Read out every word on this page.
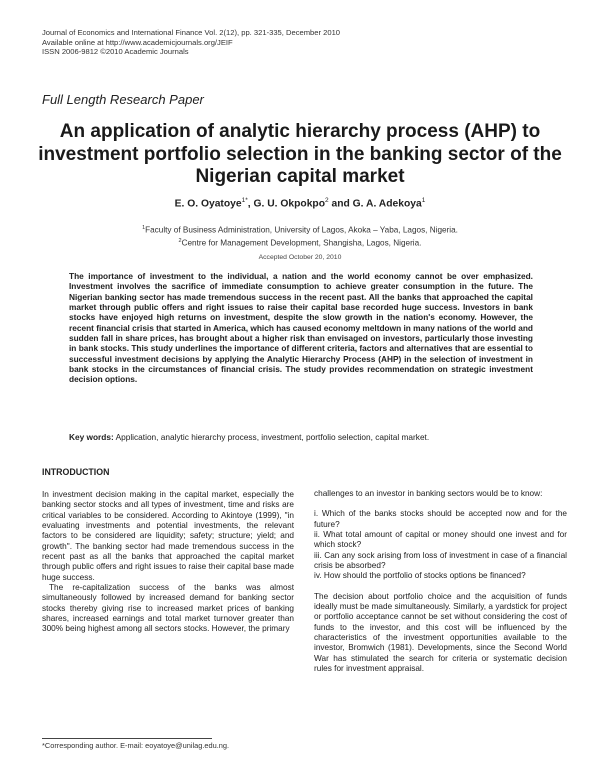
Journal of Economics and International Finance Vol. 2(12), pp. 321-335, December 2010
Available online at http://www.academicjournals.org/JEIF
ISSN 2006-9812 ©2010 Academic Journals
Full Length Research Paper
An application of analytic hierarchy process (AHP) to investment portfolio selection in the banking sector of the Nigerian capital market
E. O. Oyatoye$^{1*}$, G. U. Okpokpo$^2$ and G. A. Adekoya$^1$
$^1$Faculty of Business Administration, University of Lagos, Akoka – Yaba, Lagos, Nigeria.
$^2$Centre for Management Development, Shangisha, Lagos, Nigeria.
Accepted October 20, 2010
The importance of investment to the individual, a nation and the world economy cannot be over emphasized. Investment involves the sacrifice of immediate consumption to achieve greater consumption in the future. The Nigerian banking sector has made tremendous success in the recent past. All the banks that approached the capital market through public offers and right issues to raise their capital base recorded huge success. Investors in bank stocks have enjoyed high returns on investment, despite the slow growth in the nation's economy. However, the recent financial crisis that started in America, which has caused economy meltdown in many nations of the world and sudden fall in share prices, has brought about a higher risk than envisaged on investors, particularly those investing in bank stocks. This study underlines the importance of different criteria, factors and alternatives that are essential to successful investment decisions by applying the Analytic Hierarchy Process (AHP) in the selection of investment in bank stocks in the circumstances of financial crisis. The study provides recommendation on strategic investment decision options.
Key words: Application, analytic hierarchy process, investment, portfolio selection, capital market.
INTRODUCTION

In investment decision making in the capital market, especially the banking sector stocks and all types of investment, time and risks are critical variables to be considered. According to Akintoye (1999), "in evaluating investments and potential investments, the relevant factors to be considered are liquidity; safety; structure; yield; and growth". The banking sector had made tremendous success in the recent past as all the banks that approached the capital market through public offers and right issues to raise their capital base made huge success.

The re-capitalization success of the banks was almost simultaneously followed by increased demand for banking sector stocks thereby giving rise to increased market prices of banking shares, increased earnings and total market turnover greater than 300% being highest among all sectors stocks. However, the primary

challenges to an investor in banking sectors would be to know:

i. Which of the banks stocks should be accepted now and for the future?

ii. What total amount of capital or money should one invest and for which stock?

iii. Can any sock arising from loss of investment in case of a financial crisis be absorbed?

iv. How should the portfolio of stocks options be financed?

The decision about portfolio choice and the acquisition of funds ideally must be made simultaneously. Similarly, a yardstick for project or portfolio acceptance cannot be set without considering the cost of funds to the investor, and this cost will be influenced by the characteristics of the investment opportunities available to the investor, Bromwich (1981). Developments, since the Second World War has stimulated the search for criteria or systematic decision rules for investment appraisal.

*Corresponding author. E-mail: eoyatoye@unilag.edu.ng.
